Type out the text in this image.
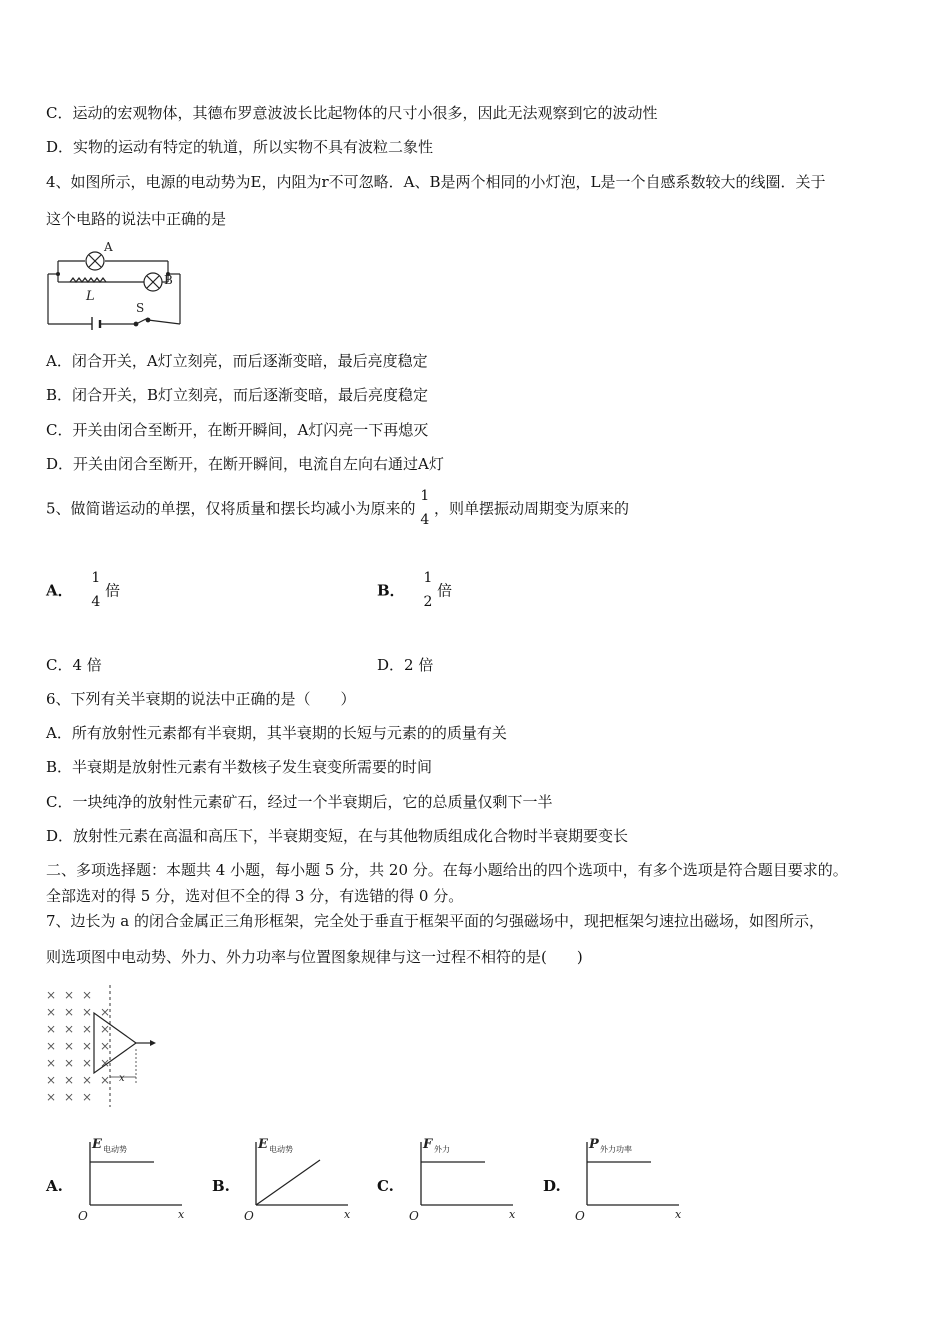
C．运动的宏观物体，其德布罗意波波长比起物体的尺寸小很多，因此无法观察到它的波动性
D．实物的运动有特定的轨道，所以实物不具有波粒二象性
4、如图所示，电源的电动势为E，内阻为r不可忽略．A、B是两个相同的小灯泡，L是一个自感系数较大的线圈．关于
这个电路的说法中正确的是
A
B
L
S
A．闭合开关，A灯立刻亮，而后逐渐变暗，最后亮度稳定
B．闭合开关，B灯立刻亮，而后逐渐变暗，最后亮度稳定
C．开关由闭合至断开，在断开瞬间，A灯闪亮一下再熄灭
D．开关由闭合至断开，在断开瞬间，电流自左向右通过A灯
5、做简谐运动的单摆，仅将质量和摆长均减小为原来的
1
4
，则单摆振动周期变为原来的
A．
1
4
倍	B．
1
2
倍
C．4 倍	D．2 倍
6、下列有关半衰期的说法中正确的是（　　）
A．所有放射性元素都有半衰期，其半衰期的长短与元素的的质量有关
B．半衰期是放射性元素有半数核子发生衰变所需要的时间
C．一块纯净的放射性元素矿石，经过一个半衰期后，它的总质量仅剩下一半
D．放射性元素在高温和高压下，半衰期变短，在与其他物质组成化合物时半衰期要变长
二、多项选择题：本题共 4 小题，每小题 5 分，共 20 分。在每小题给出的四个选项中，有多个选项是符合题目要求的。
全部选对的得 5 分，选对但不全的得 3 分，有选错的得 0 分。
7、边长为 a 的闭合金属正三角形框架，完全处于垂直于框架平面的匀强磁场中，现把框架匀速拉出磁场，如图所示，
则选项图中电动势、外力、外力功率与位置图象规律与这一过程不相符的是(　　)
× × ×
× × × ×
× × × ×
× × × ×
× × × ×
× × × ×
× × ×
x
A.
E 电动势
O	x
B.
E 电动势
O	x
C.
F 外力
O	x
D.
P 外力功率
O	x
